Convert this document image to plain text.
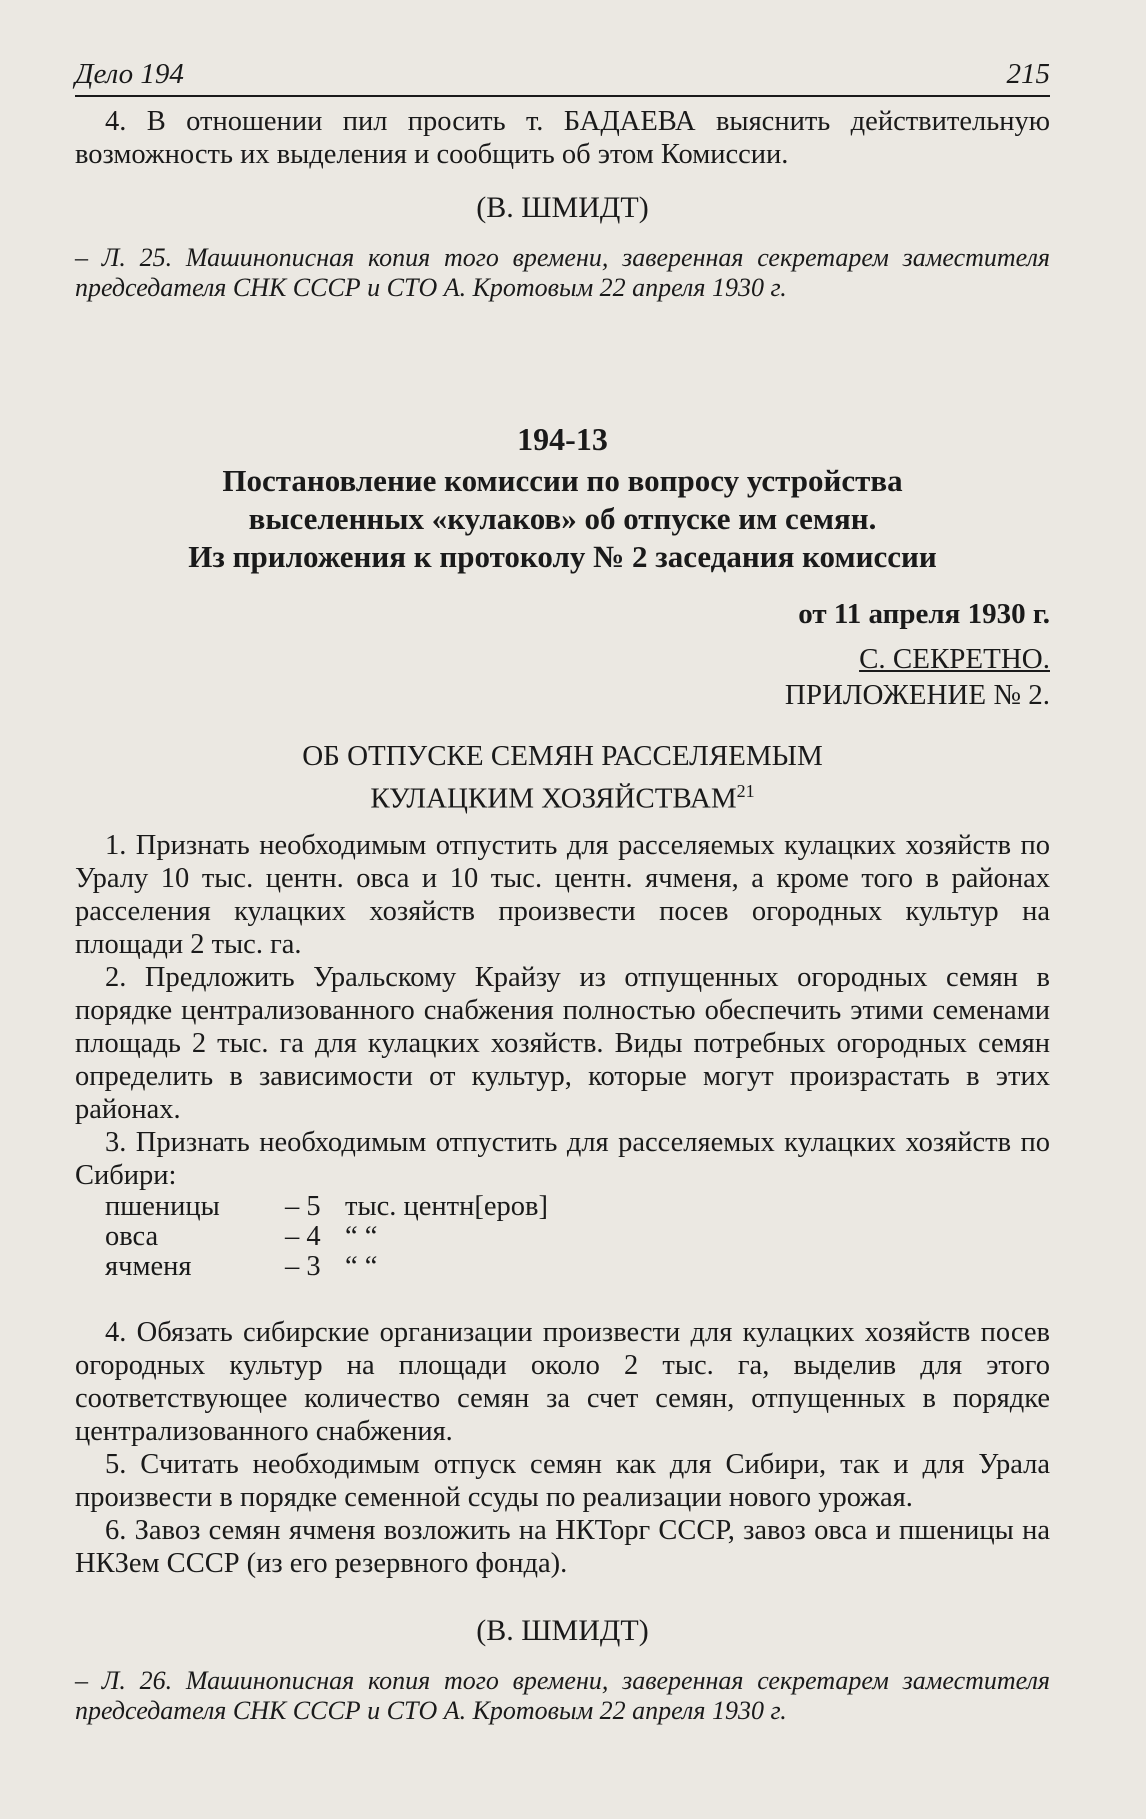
Дело 194	215

4. В отношении пил просить т. БАДАЕВА выяснить действительную возможность их выделения и сообщить об этом Комиссии.

(В. ШМИДТ)

– Л. 25. Машинописная копия того времени, заверенная секретарем заместителя председателя СНК СССР и СТО А. Кротовым 22 апреля 1930 г.

194-13
Постановление комиссии по вопросу устройства
выселенных «кулаков» об отпуске им семян.
Из приложения к протоколу № 2 заседания комиссии
от 11 апреля 1930 г.
С. СЕКРЕТНО.
ПРИЛОЖЕНИЕ № 2.
ОБ ОТПУСКЕ СЕМЯН РАССЕЛЯЕМЫМ
КУЛАЦКИМ ХОЗЯЙСТВАМ$^{21}$

1. Признать необходимым отпустить для расселяемых кулацких хозяйств по Уралу 10 тыс. центн. овса и 10 тыс. центн. ячменя, а кроме того в районах расселения кулацких хозяйств произвести посев огородных культур на площади 2 тыс. га.

2. Предложить Уральскому Крайзу из отпущенных огородных семян в порядке централизованного снабжения полностью обеспечить этими семенами площадь 2 тыс. га для кулацких хозяйств. Виды потребных огородных семян определить в зависимости от культур, которые могут произрастать в этих районах.

3. Признать необходимым отпустить для расселяемых кулацких хозяйств по Сибири:

пшеницы	– 5 тыс. центн[еров]
овса	– 4 “ “
ячменя	– 3 “ “

4. Обязать сибирские организации произвести для кулацких хозяйств посев огородных культур на площади около 2 тыс. га, выделив для этого соответствующее количество семян за счет семян, отпущенных в порядке централизованного снабжения.

5. Считать необходимым отпуск семян как для Сибири, так и для Урала произвести в порядке семенной ссуды по реализации нового урожая.

6. Завоз семян ячменя возложить на НКТорг СССР, завоз овса и пшеницы на НКЗем СССР (из его резервного фонда).

(В. ШМИДТ)

– Л. 26. Машинописная копия того времени, заверенная секретарем заместителя председателя СНК СССР и СТО А. Кротовым 22 апреля 1930 г.
